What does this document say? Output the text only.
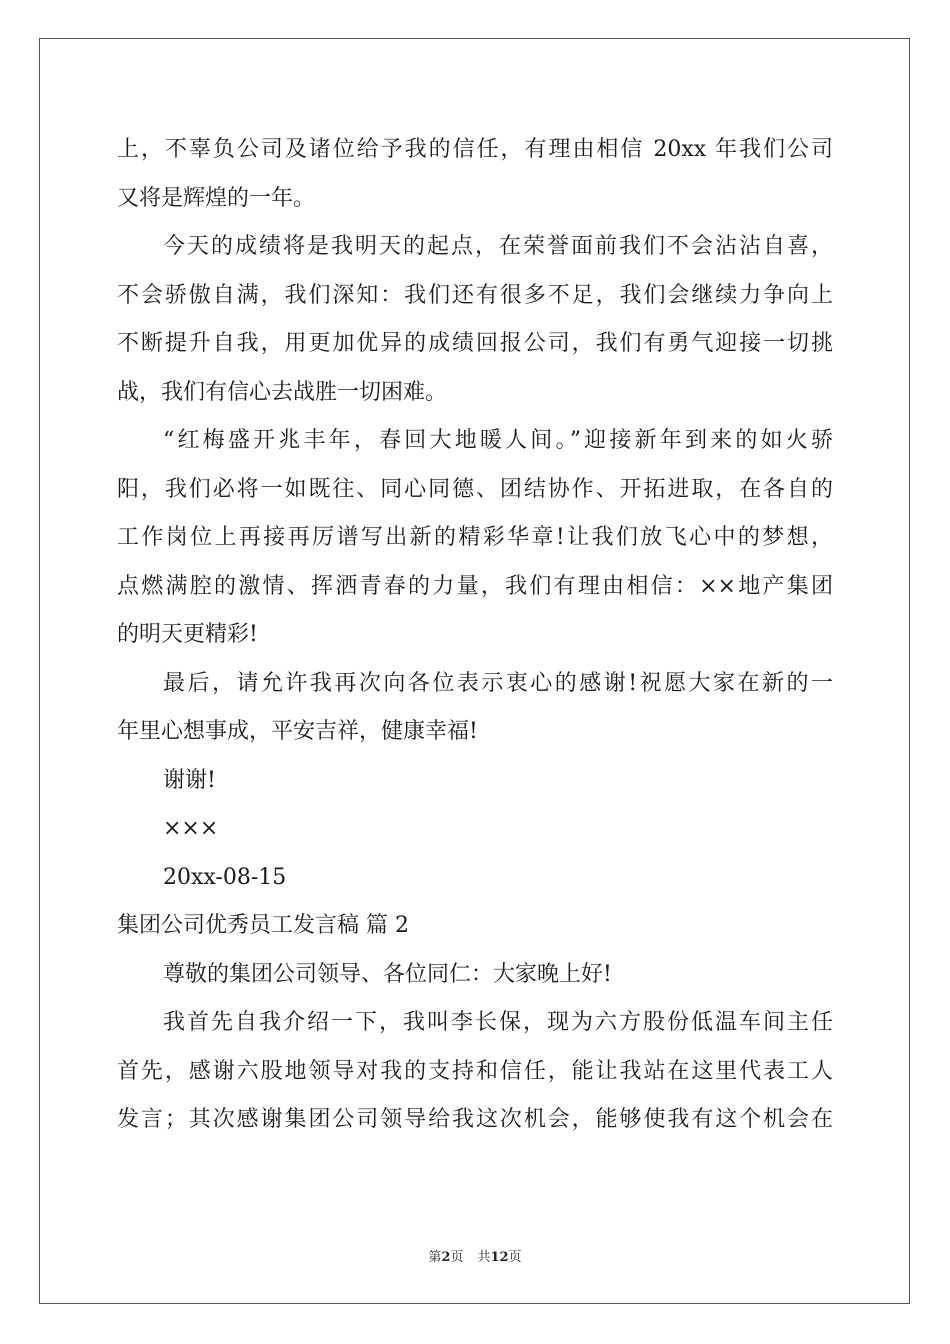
上，不辜负公司及诸位给予我的信任，有理由相信 20xx 年我们公司
又将是辉煌的一年。
今天的成绩将是我明天的起点，在荣誉面前我们不会沾沾自喜，
不会骄傲自满，我们深知：我们还有很多不足，我们会继续力争向上
不断提升自我，用更加优异的成绩回报公司，我们有勇气迎接一切挑
战，我们有信心去战胜一切困难。
“红梅盛开兆丰年，春回大地暖人间。”迎接新年到来的如火骄
阳，我们必将一如既往、同心同德、团结协作、开拓进取，在各自的
工作岗位上再接再厉谱写出新的精彩华章!让我们放飞心中的梦想，
点燃满腔的激情、挥洒青春的力量，我们有理由相信：××地产集团
的明天更精彩!
最后，请允许我再次向各位表示衷心的感谢!祝愿大家在新的一
年里心想事成，平安吉祥，健康幸福!
谢谢!
×××
20xx-08-15
集团公司优秀员工发言稿 篇 2
尊敬的集团公司领导、各位同仁：大家晚上好!
我首先自我介绍一下，我叫李长保，现为六方股份低温车间主任
首先，感谢六股地领导对我的支持和信任，能让我站在这里代表工人
发言；其次感谢集团公司领导给我这次机会，能够使我有这个机会在
第2页 共12页
